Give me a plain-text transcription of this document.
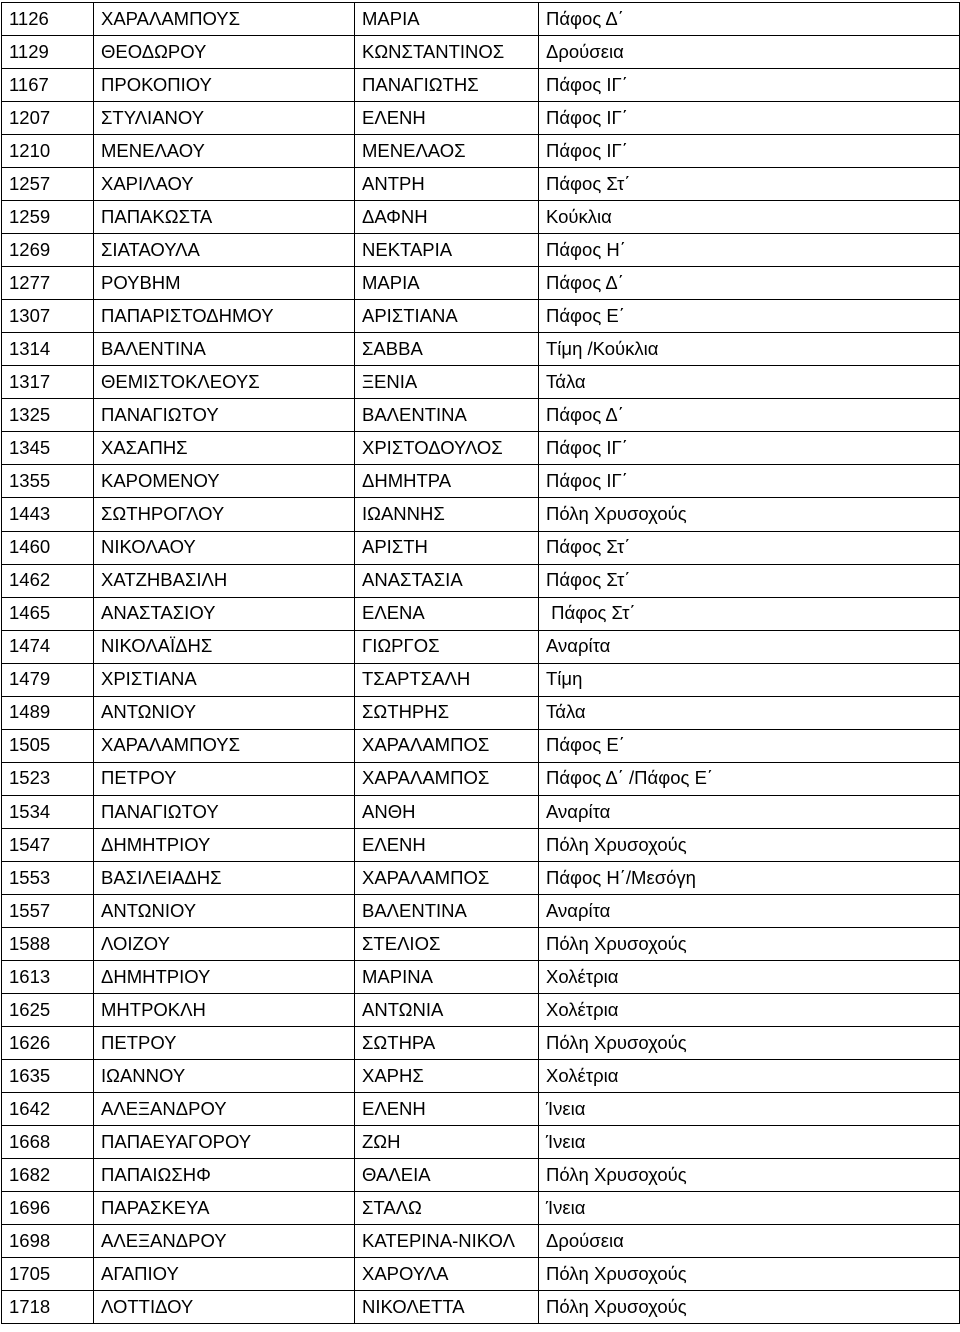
1126	ΧΑΡΑΛΑΜΠΟΥΣ	ΜΑΡΙΑ	Πάφος Δ΄
1129	ΘΕΟΔΩΡΟΥ	ΚΩΝΣΤΑΝΤΙΝΟΣ	Δρούσεια
1167	ΠΡΟΚΟΠΙΟΥ	ΠΑΝΑΓΙΩΤΗΣ	Πάφος ΙΓ΄
1207	ΣΤΥΛΙΑΝΟΥ	ΕΛΕΝΗ	Πάφος ΙΓ΄
1210	ΜΕΝΕΛΑΟΥ	ΜΕΝΕΛΑΟΣ	Πάφος ΙΓ΄
1257	ΧΑΡΙΛΑΟΥ	ΑΝΤΡΗ	Πάφος Στ΄
1259	ΠΑΠΑΚΩΣΤΑ	ΔΑΦΝΗ	Κούκλια
1269	ΣΙΑΤΑΟΥΛΑ	ΝΕΚΤΑΡΙΑ	Πάφος Η΄
1277	ΡΟΥΒΗΜ	ΜΑΡΙΑ	Πάφος Δ΄
1307	ΠΑΠΑΡΙΣΤΟΔΗΜΟΥ	ΑΡΙΣΤΙΑΝΑ	Πάφος Ε΄
1314	ΒΑΛΕΝΤΙΝΑ	ΣΑΒΒΑ	Τίμη /Κούκλια
1317	ΘΕΜΙΣΤΟΚΛΕΟΥΣ	ΞΕΝΙΑ	Τάλα
1325	ΠΑΝΑΓΙΩΤΟΥ	ΒΑΛΕΝΤΙΝΑ	Πάφος Δ΄
1345	ΧΑΣΑΠΗΣ	ΧΡΙΣΤΟΔΟΥΛΟΣ	Πάφος ΙΓ΄
1355	ΚΑΡΟΜΕΝΟΥ	ΔΗΜΗΤΡΑ	Πάφος ΙΓ΄
1443	ΣΩΤΗΡΟΓΛΟΥ	ΙΩΑΝΝΗΣ	Πόλη Χρυσοχούς
1460	ΝΙΚΟΛΑΟΥ	ΑΡΙΣΤΗ	Πάφος Στ΄
1462	ΧΑΤΖΗΒΑΣΙΛΗ	ΑΝΑΣΤΑΣΙΑ	Πάφος Στ΄
1465	ΑΝΑΣΤΑΣΙΟΥ	ΕΛΕΝΑ	Πάφος Στ΄
1474	ΝΙΚΟΛΑΪΔΗΣ	ΓΙΩΡΓΟΣ	Αναρίτα
1479	ΧΡΙΣΤΙΑΝΑ	ΤΣΑΡΤΣΑΛΗ	Τίμη
1489	ΑΝΤΩΝΙΟΥ	ΣΩΤΗΡΗΣ	Τάλα
1505	ΧΑΡΑΛΑΜΠΟΥΣ	ΧΑΡΑΛΑΜΠΟΣ	Πάφος Ε΄
1523	ΠΕΤΡΟΥ	ΧΑΡΑΛΑΜΠΟΣ	Πάφος Δ΄ /Πάφος Ε΄
1534	ΠΑΝΑΓΙΩΤΟΥ	ΑΝΘΗ	Αναρίτα
1547	ΔΗΜΗΤΡΙΟΥ	ΕΛΕΝΗ	Πόλη Χρυσοχούς
1553	ΒΑΣΙΛΕΙΑΔΗΣ	ΧΑΡΑΛΑΜΠΟΣ	Πάφος Η΄/Μεσόγη
1557	ΑΝΤΩΝΙΟΥ	ΒΑΛΕΝΤΙΝΑ	Αναρίτα
1588	ΛΟΙΖΟΥ	ΣΤΕΛΙΟΣ	Πόλη Χρυσοχούς
1613	ΔΗΜΗΤΡΙΟΥ	ΜΑΡΙΝΑ	Χολέτρια
1625	ΜΗΤΡΟΚΛΗ	ΑΝΤΩΝΙΑ	Χολέτρια
1626	ΠΕΤΡΟΥ	ΣΩΤΗΡΑ	Πόλη Χρυσοχούς
1635	ΙΩΑΝΝΟΥ	ΧΑΡΗΣ	Χολέτρια
1642	ΑΛΕΞΑΝΔΡΟΥ	ΕΛΕΝΗ	Ίνεια
1668	ΠΑΠΑΕΥΑΓΟΡΟΥ	ΖΩΗ	Ίνεια
1682	ΠΑΠΑΙΩΣΗΦ	ΘΑΛΕΙΑ	Πόλη Χρυσοχούς
1696	ΠΑΡΑΣΚΕΥΑ	ΣΤΑΛΩ	Ίνεια
1698	ΑΛΕΞΑΝΔΡΟΥ	ΚΑΤΕΡΙΝΑ-ΝΙΚΟΛ	Δρούσεια
1705	ΑΓΑΠΙΟΥ	ΧΑΡΟΥΛΑ	Πόλη Χρυσοχούς
1718	ΛΟΤΤΙΔΟΥ	ΝΙΚΟΛΕΤΤΑ	Πόλη Χρυσοχούς
